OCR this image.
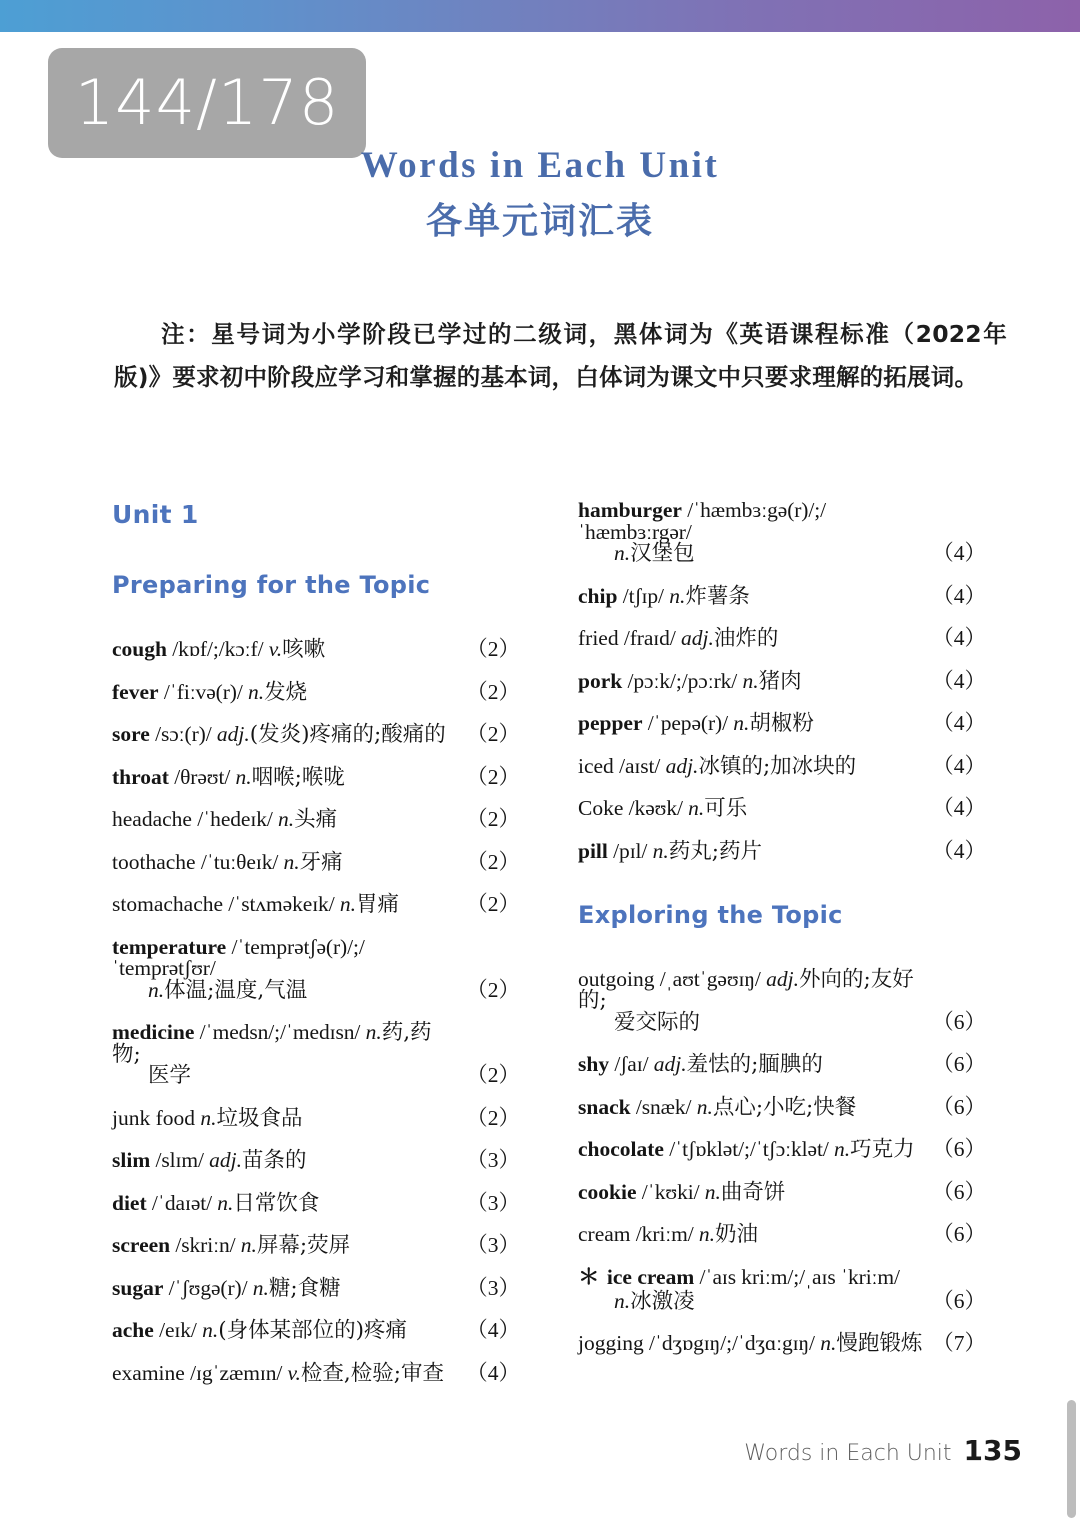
144/178
Words in Each Unit
各单元词汇表
注：星号词为小学阶段已学过的二级词，黑体词为《英语课程标准（2022年版)》要求初中阶段应学习和掌握的基本词，白体词为课文中只要求理解的拓展词。
Unit 1
Preparing for the Topic
cough /kɒf/;/kɔːf/ v.咳嗽	（2）
fever /ˈfiːvə(r)/ n.发烧	（2）
sore /sɔː(r)/ adj.(发炎)疼痛的;酸痛的 （2）
throat /θrəʊt/ n.咽喉;喉咙	（2）
headache /ˈhedeɪk/ n.头痛	（2）
toothache /ˈtuːθeɪk/ n.牙痛	（2）
stomachache /ˈstʌməkeɪk/ n.胃痛	（2）
temperature /ˈtemprətʃə(r)/;/ˈtemprətʃʊr/
n.体温;温度,气温	（2）
medicine /ˈmedsn/;/ˈmedɪsn/ n.药,药物;
医学	（2）
junk food n.垃圾食品	（2）
slim /slɪm/ adj.苗条的	（3）
diet /ˈdaɪət/ n.日常饮食	（3）
screen /skriːn/ n.屏幕;荧屏	（3）
sugar /ˈʃʊgə(r)/ n.糖;食糖	（3）
ache /eɪk/ n.(身体某部位的)疼痛	（4）
examine /ɪgˈzæmɪn/ v.检查,检验;审查 （4）
hamburger /ˈhæmbɜːgə(r)/;/ˈhæmbɜːrgər/
n.汉堡包	（4）
chip /tʃɪp/ n.炸薯条	（4）
fried /fraɪd/ adj.油炸的	（4）
pork /pɔːk/;/pɔːrk/ n.猪肉	（4）
pepper /ˈpepə(r)/ n.胡椒粉	（4）
iced /aɪst/ adj.冰镇的;加冰块的	（4）
Coke /kəʊk/ n.可乐	（4）
pill /pɪl/ n.药丸;药片	（4）
Exploring the Topic
outgoing /ˌaʊtˈgəʊɪŋ/ adj.外向的;友好的;
爱交际的	（6）
shy /ʃaɪ/ adj.羞怯的;腼腆的	（6）
snack /snæk/ n.点心;小吃;快餐	（6）
chocolate /ˈtʃɒklət/;/ˈtʃɔːklət/ n.巧克力 （6）
cookie /ˈkʊki/ n.曲奇饼	（6）
cream /kriːm/ n.奶油	（6）
＊ ice cream /ˈaɪs kriːm/;/ˌaɪs ˈkriːm/
n.冰激凌	（6）
jogging /ˈdʒɒgɪŋ/;/ˈdʒɑːgɪŋ/ n.慢跑锻炼 （7）
Words in Each Unit 135
